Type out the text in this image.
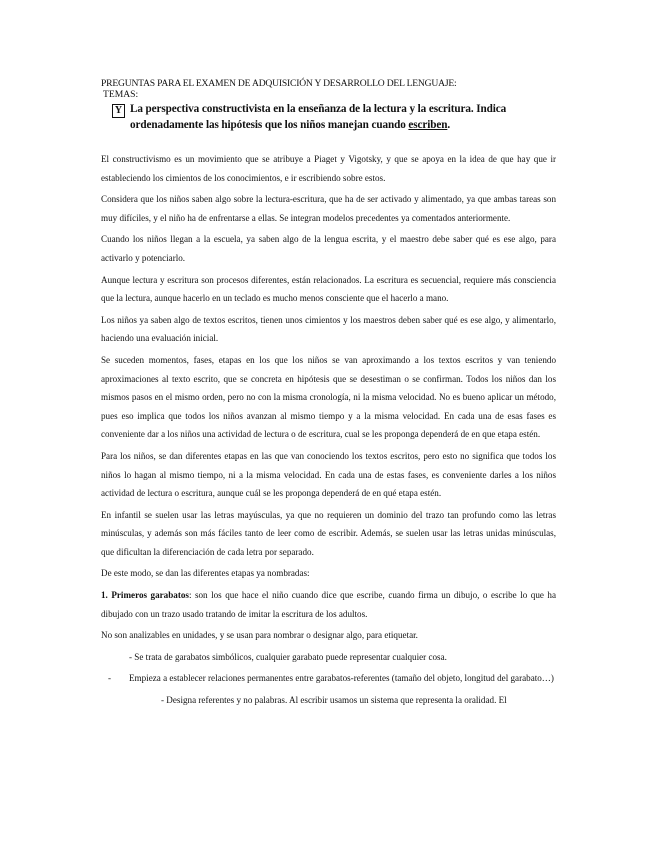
PREGUNTAS PARA EL EXAMEN DE ADQUISICIÓN Y DESARROLLO DEL LENGUAJE:
TEMAS:
Y La perspectiva constructivista en la enseñanza de la lectura y la escritura. Indica ordenadamente las hipótesis que los niños manejan cuando escriben.

El constructivismo es un movimiento que se atribuye a Piaget y Vigotsky, y que se apoya en la idea de que hay que ir estableciendo los cimientos de los conocimientos, e ir escribiendo sobre estos.

Considera que los niños saben algo sobre la lectura-escritura, que ha de ser activado y alimentado, ya que ambas tareas son muy difíciles, y el niño ha de enfrentarse a ellas. Se integran modelos precedentes ya comentados anteriormente.

Cuando los niños llegan a la escuela, ya saben algo de la lengua escrita, y el maestro debe saber qué es ese algo, para activarlo y potenciarlo.

Aunque lectura y escritura son procesos diferentes, están relacionados. La escritura es secuencial, requiere más consciencia que la lectura, aunque hacerlo en un teclado es mucho menos consciente que el hacerlo a mano.

Los niños ya saben algo de textos escritos, tienen unos cimientos y los maestros deben saber qué es ese algo, y alimentarlo, haciendo una evaluación inicial.

Se suceden momentos, fases, etapas en los que los niños se van aproximando a los textos escritos y van teniendo aproximaciones al texto escrito, que se concreta en hipótesis que se desestiman o se confirman. Todos los niños dan los mismos pasos en el mismo orden, pero no con la misma cronología, ni la misma velocidad. No es bueno aplicar un método, pues eso implica que todos los niños avanzan al mismo tiempo y a la misma velocidad. En cada una de esas fases es conveniente dar a los niños una actividad de lectura o de escritura, cual se les proponga dependerá de en que etapa estén.

Para los niños, se dan diferentes etapas en las que van conociendo los textos escritos, pero esto no significa que todos los niños lo hagan al mismo tiempo, ni a la misma velocidad. En cada una de estas fases, es conveniente darles a los niños actividad de lectura o escritura, aunque cuál se les proponga dependerá de en qué etapa estén.

En infantil se suelen usar las letras mayúsculas, ya que no requieren un dominio del trazo tan profundo como las letras minúsculas, y además son más fáciles tanto de leer como de escribir. Además, se suelen usar las letras unidas minúsculas, que dificultan la diferenciación de cada letra por separado.

De este modo, se dan las diferentes etapas ya nombradas:

1. Primeros garabatos: son los que hace el niño cuando dice que escribe, cuando firma un dibujo, o escribe lo que ha dibujado con un trazo usado tratando de imitar la escritura de los adultos.

No son analizables en unidades, y se usan para nombrar o designar algo, para etiquetar.

- Se trata de garabatos simbólicos, cualquier garabato puede representar cualquier cosa.

- Empieza a establecer relaciones permanentes entre garabatos-referentes (tamaño del objeto, longitud del garabato…)

- Designa referentes y no palabras. Al escribir usamos un sistema que representa la oralidad. El
